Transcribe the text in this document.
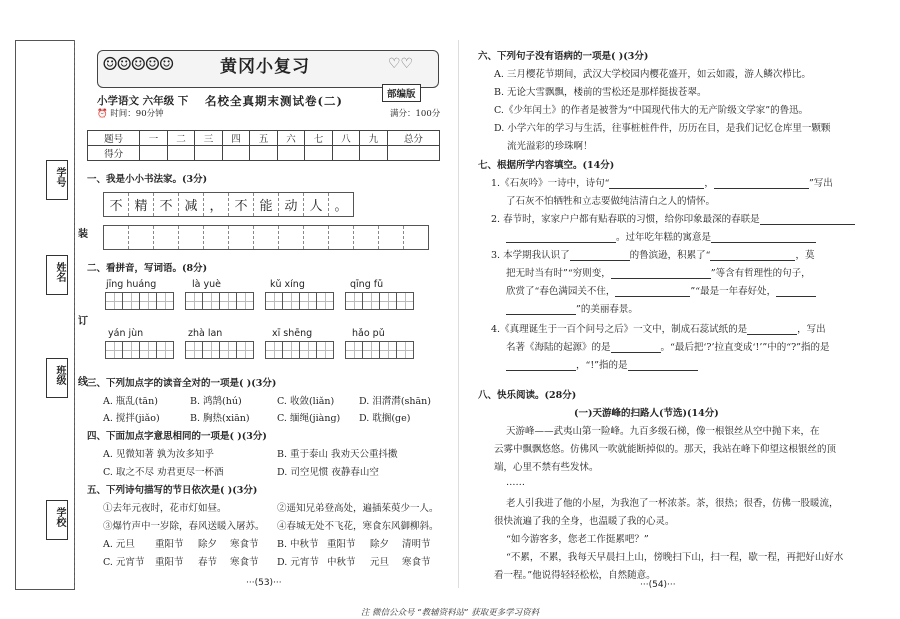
学号
姓名
班级
学校
装
订
线
☺☺☺☺☺	黄冈小复习	♡♡
小学语文 六年级 下 名校全真期末测试卷(二)	部编版
⏰ 时间：90分钟	满分：100分
题号	一	二	三	四	五	六	七	八	九	总分
得分										
一、我是小小书法家。(3分)
不 精 不 减 ， 不 能 动 人 。
二、看拼音，写词语。(8分)
jīng huáng	là yuè	kǔ xíng	qīng fǔ
yán jùn	zhà lan	xī shēng	hǎo pǔ
三、下列加点字的读音全对的一项是( )(3分)
A. 瓶乱(tān)	B. 鸿鹄(hú)	C. 收敛(liǎn)	D. 泪潸潸(shān)
A. 搅拌(jiǎo)	B. 胸热(xiān)	C. 缅绳(jiàng) D. 耽搁(ge)
四、下面加点字意思相同的一项是( )(3分)
A. 见微知著 孰为汝多知乎	B. 重于泰山 我劝天公重抖擞
C. 取之不尽 劝君更尽一杯酒	D. 司空见惯 夜静春山空
五、下列诗句描写的节日依次是( )(3分)
①去年元夜时，花市灯如昼。	②遥知兄弟登高处，遍插茱萸少一人。
③爆竹声中一岁除，春风送暖入屠苏。 ④春城无处不飞花，寒食东风御柳斜。
A. 元旦 重阳节 除夕 寒食节 B. 中秋节 重阳节 除夕 清明节
C. 元宵节 重阳节 春节 寒食节 D. 元宵节 中秋节 元旦 寒食节
···(53)···
六、下列句子没有语病的一项是( )(3分)
A. 三月樱花节期间，武汉大学校园内樱花盛开，如云如霞，游人鳞次栉比。
B. 无论大雪飘飘，楼前的雪松还是那样挺拔苍翠。
C.《少年闰土》的作者是被誉为“中国现代伟大的无产阶级文学家”的鲁迅。
D. 小学六年的学习与生活，往事桩桩件件，历历在目，是我们记忆仓库里一颗颗
流光溢彩的珍珠啊！
七、根据所学内容填空。(14分)
1.《石灰吟》一诗中，诗句“	，	”写出
了石灰不怕牺牲和立志要做纯洁清白之人的情怀。
2. 春节时，家家户户都有贴春联的习惯，给你印象最深的春联是
。过年吃年糕的寓意是
3. 本学期我认识了	的鲁滨逊，积累了“	，莫
把无时当有时”“穷则变，	”等含有哲理性的句子，
欣赏了“春色满园关不住，	”“最是一年春好处，
”的美丽春景。
4.《真理诞生于一百个问号之后》一文中，制成石蕊试纸的是	，写出
名著《海陆的起源》的是	。“最后把‘?’拉直变成‘!’”中的“?”指的是
，“!”指的是
八、快乐阅读。(28分)
(一)天游峰的扫路人(节选)(14分)
天游峰——武夷山第一险峰。九百多级石梯，像一根银丝从空中抛下来，在
云雾中飘飘悠悠。仿佛风一吹就能断掉似的。那天，我站在峰下仰望这根银丝的顶
端，心里不禁有些发怵。
……
老人引我进了他的小屋，为我泡了一杯浓茶。茶，很热；很香，仿佛一股暖流，
很快流遍了我的全身，也温暖了我的心灵。
“如今游客多，您老工作挺累吧？”
“不累，不累，我每天早晨扫上山，傍晚扫下山，扫一程，歇一程，再把好山好水
看一程。”他说得轻轻松松，自然随意。
···(54)···
注 微信公众号 “教辅资料站” 获取更多学习资料
